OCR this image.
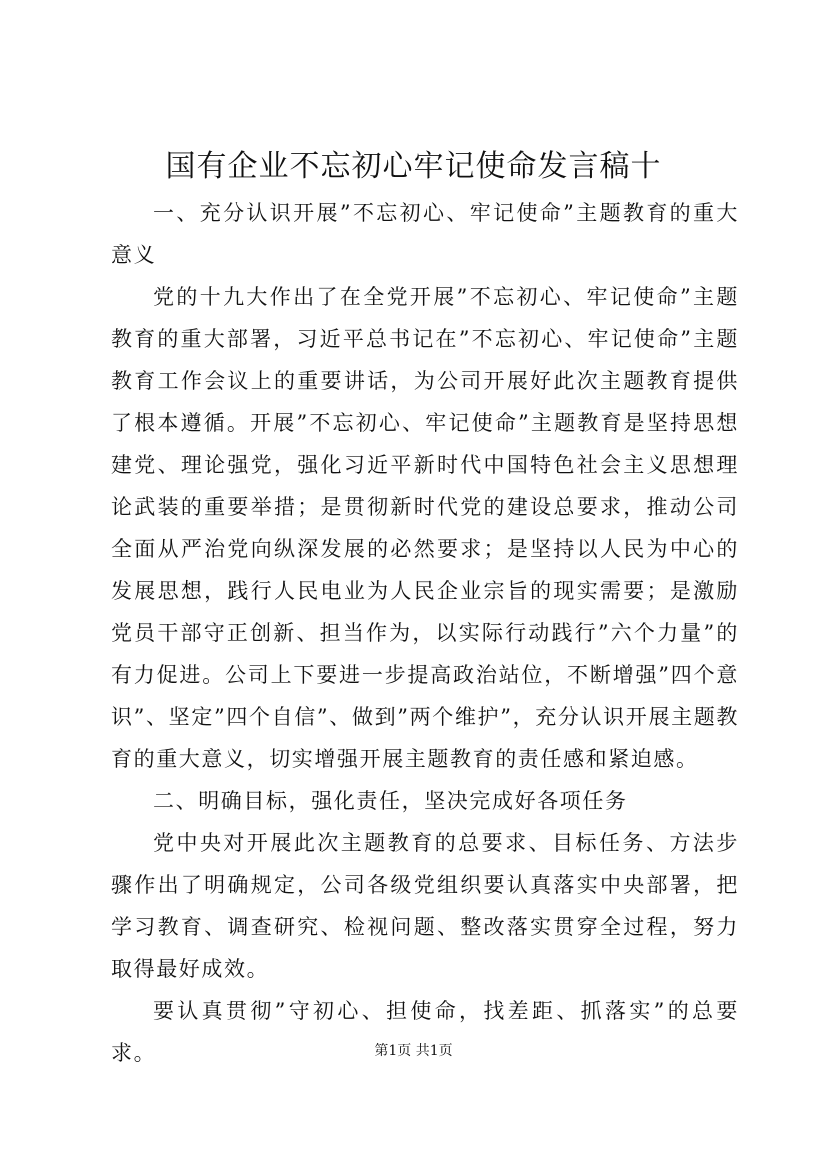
国有企业不忘初心牢记使命发言稿十

一、充分认识开展”不忘初心、牢记使命”主题教育的重大意义

党的十九大作出了在全党开展”不忘初心、牢记使命”主题教育的重大部署，习近平总书记在”不忘初心、牢记使命”主题教育工作会议上的重要讲话，为公司开展好此次主题教育提供了根本遵循。开展”不忘初心、牢记使命”主题教育是坚持思想建党、理论强党，强化习近平新时代中国特色社会主义思想理论武装的重要举措；是贯彻新时代党的建设总要求，推动公司全面从严治党向纵深发展的必然要求；是坚持以人民为中心的发展思想，践行人民电业为人民企业宗旨的现实需要；是激励党员干部守正创新、担当作为，以实际行动践行”六个力量”的有力促进。公司上下要进一步提高政治站位，不断增强”四个意识”、坚定”四个自信”、做到”两个维护”，充分认识开展主题教育的重大意义，切实增强开展主题教育的责任感和紧迫感。

二、明确目标，强化责任，坚决完成好各项任务

党中央对开展此次主题教育的总要求、目标任务、方法步骤作出了明确规定，公司各级党组织要认真落实中央部署，把学习教育、调查研究、检视问题、整改落实贯穿全过程，努力取得最好成效。

要认真贯彻”守初心、担使命，找差距、抓落实”的总要求。	第1页 共1页
